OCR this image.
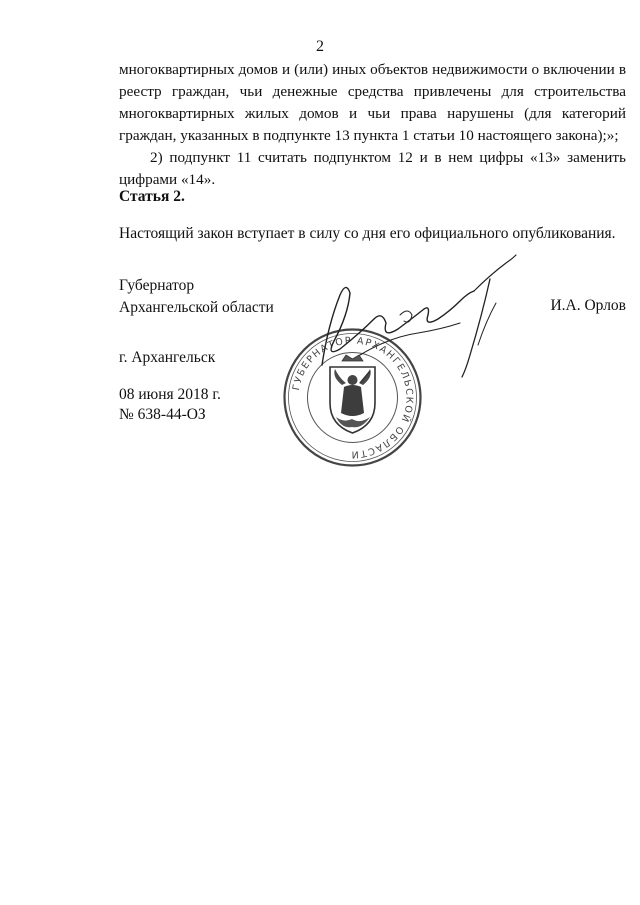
2

многоквартирных домов и (или) иных объектов недвижимости о включении в реестр граждан, чьи денежные средства привлечены для строительства многоквартирных жилых домов и чьи права нарушены (для категорий граждан, указанных в подпункте 13 пункта 1 статьи 10 настоящего закона);»;

2) подпункт 11 считать подпунктом 12 и в нем цифры «13» заменить цифрами «14».

Статья 2.
Настоящий закон вступает в силу со дня его официального опубликования.
Губернатор
Архангельской области	И.А. Орлов
г. Архангельск
08 июня 2018 г.
№ 638-44-ОЗ
ГУБЕРНАТОР АРХАНГЕЛЬСКОЙ ОБЛАСТИ
